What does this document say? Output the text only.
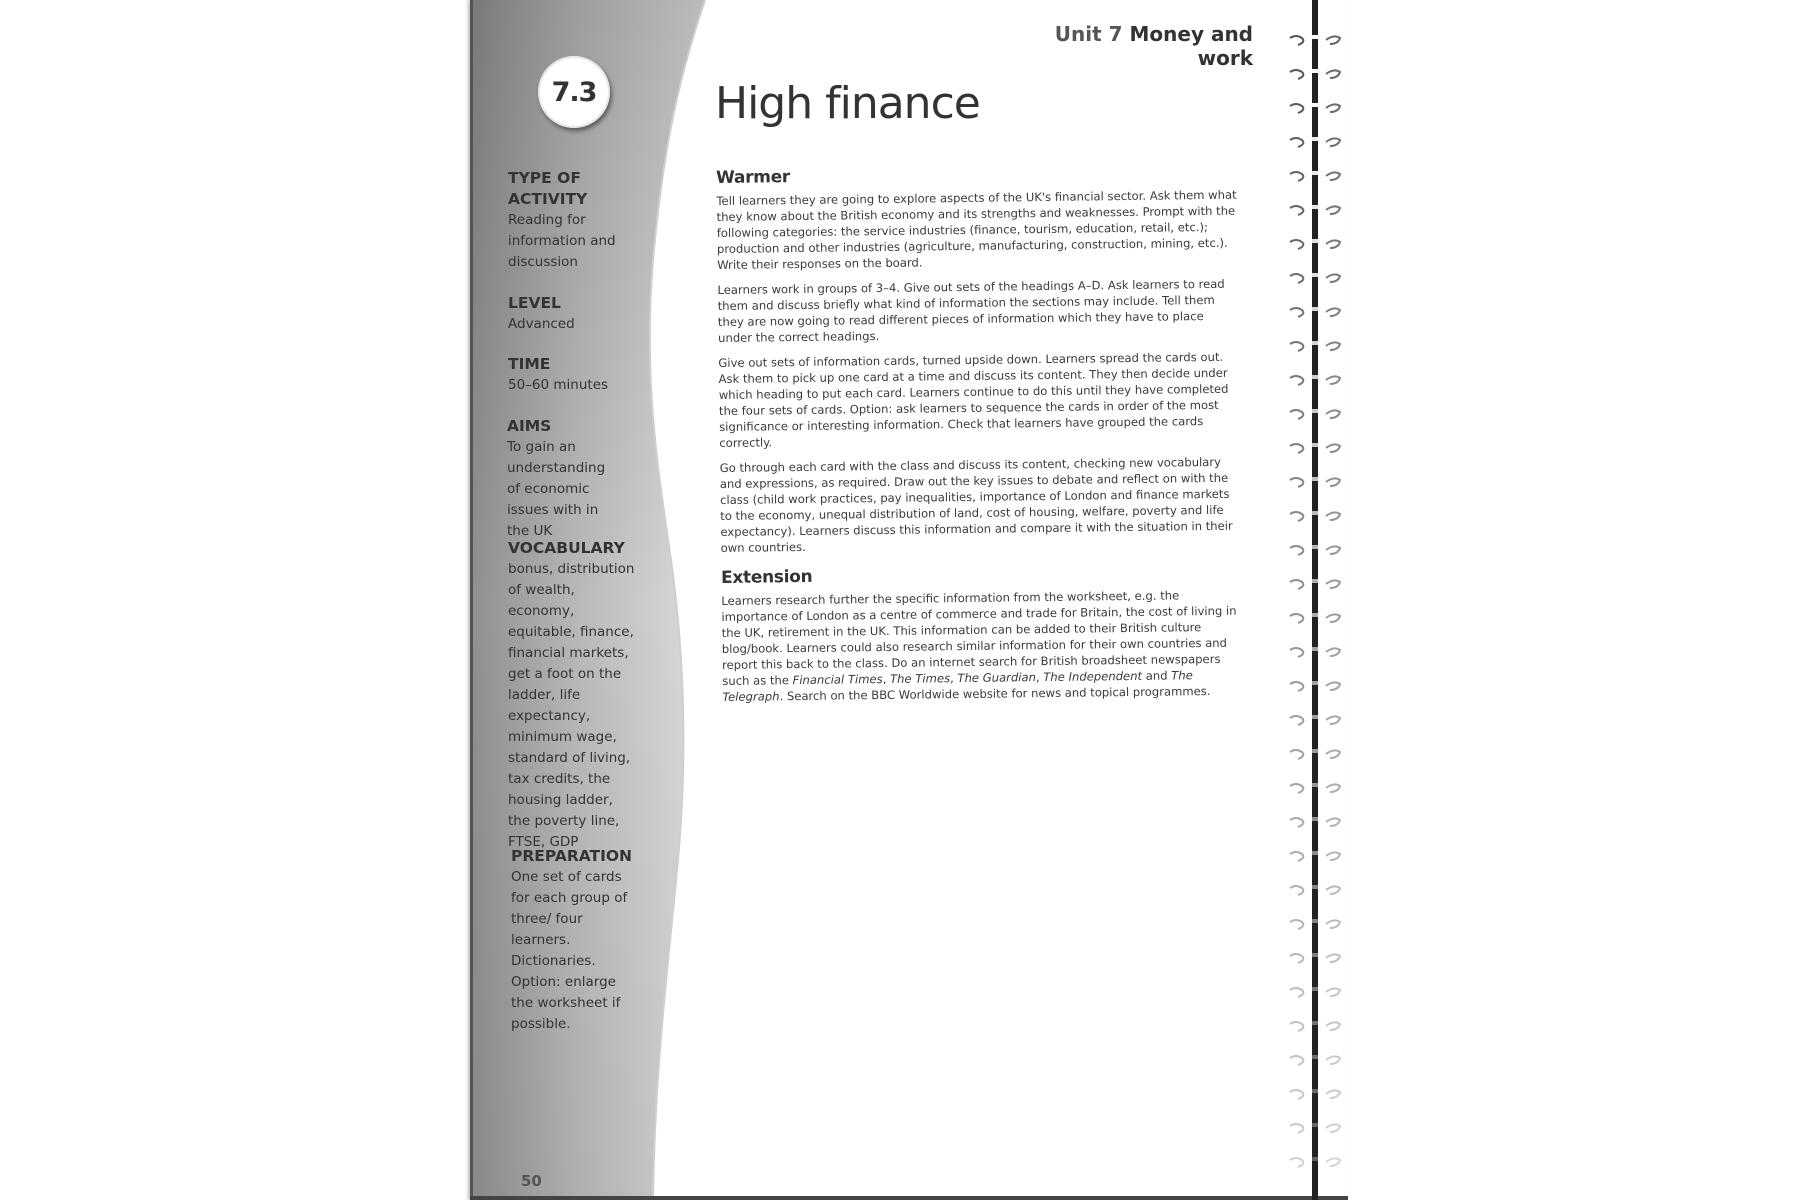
7.3
TYPE OF ACTIVITY

Reading for information and discussion

LEVEL

Advanced

TIME

50–60 minutes

AIMS

To gain an understanding of economic issues with in the UK

VOCABULARY

bonus, distribution of wealth, economy, equitable, finance, financial markets, get a foot on the ladder, life expectancy, minimum wage, standard of living, tax credits, the housing ladder, the poverty line, FTSE, GDP

PREPARATION

One set of cards for each group of three/ four learners. Dictionaries. Option: enlarge the worksheet if possible.

50
Unit 7 Money and work
High finance
Warmer

Tell learners they are going to explore aspects of the UK's financial sector. Ask them what they know about the British economy and its strengths and weaknesses. Prompt with the following categories: the service industries (finance, tourism, education, retail, etc.); production and other industries (agriculture, manufacturing, construction, mining, etc.). Write their responses on the board.

Learners work in groups of 3–4. Give out sets of the headings A–D. Ask learners to read them and discuss briefly what kind of information the sections may include. Tell them they are now going to read different pieces of information which they have to place under the correct headings.

Give out sets of information cards, turned upside down. Learners spread the cards out. Ask them to pick up one card at a time and discuss its content. They then decide under which heading to put each card. Learners continue to do this until they have completed the four sets of cards. Option: ask learners to sequence the cards in order of the most significance or interesting information. Check that learners have grouped the cards correctly.

Go through each card with the class and discuss its content, checking new vocabulary and expressions, as required. Draw out the key issues to debate and reflect on with the class (child work practices, pay inequalities, importance of London and finance markets to the economy, unequal distribution of land, cost of housing, welfare, poverty and life expectancy). Learners discuss this information and compare it with the situation in their own countries.

Extension

Learners research further the specific information from the worksheet, e.g. the importance of London as a centre of commerce and trade for Britain, the cost of living in the UK, retirement in the UK. This information can be added to their British culture blog/book. Learners could also research similar information for their own countries and report this back to the class. Do an internet search for British broadsheet newspapers such as the Financial Times, The Times, The Guardian, The Independent and The Telegraph. Search on the BBC Worldwide website for news and topical programmes.
